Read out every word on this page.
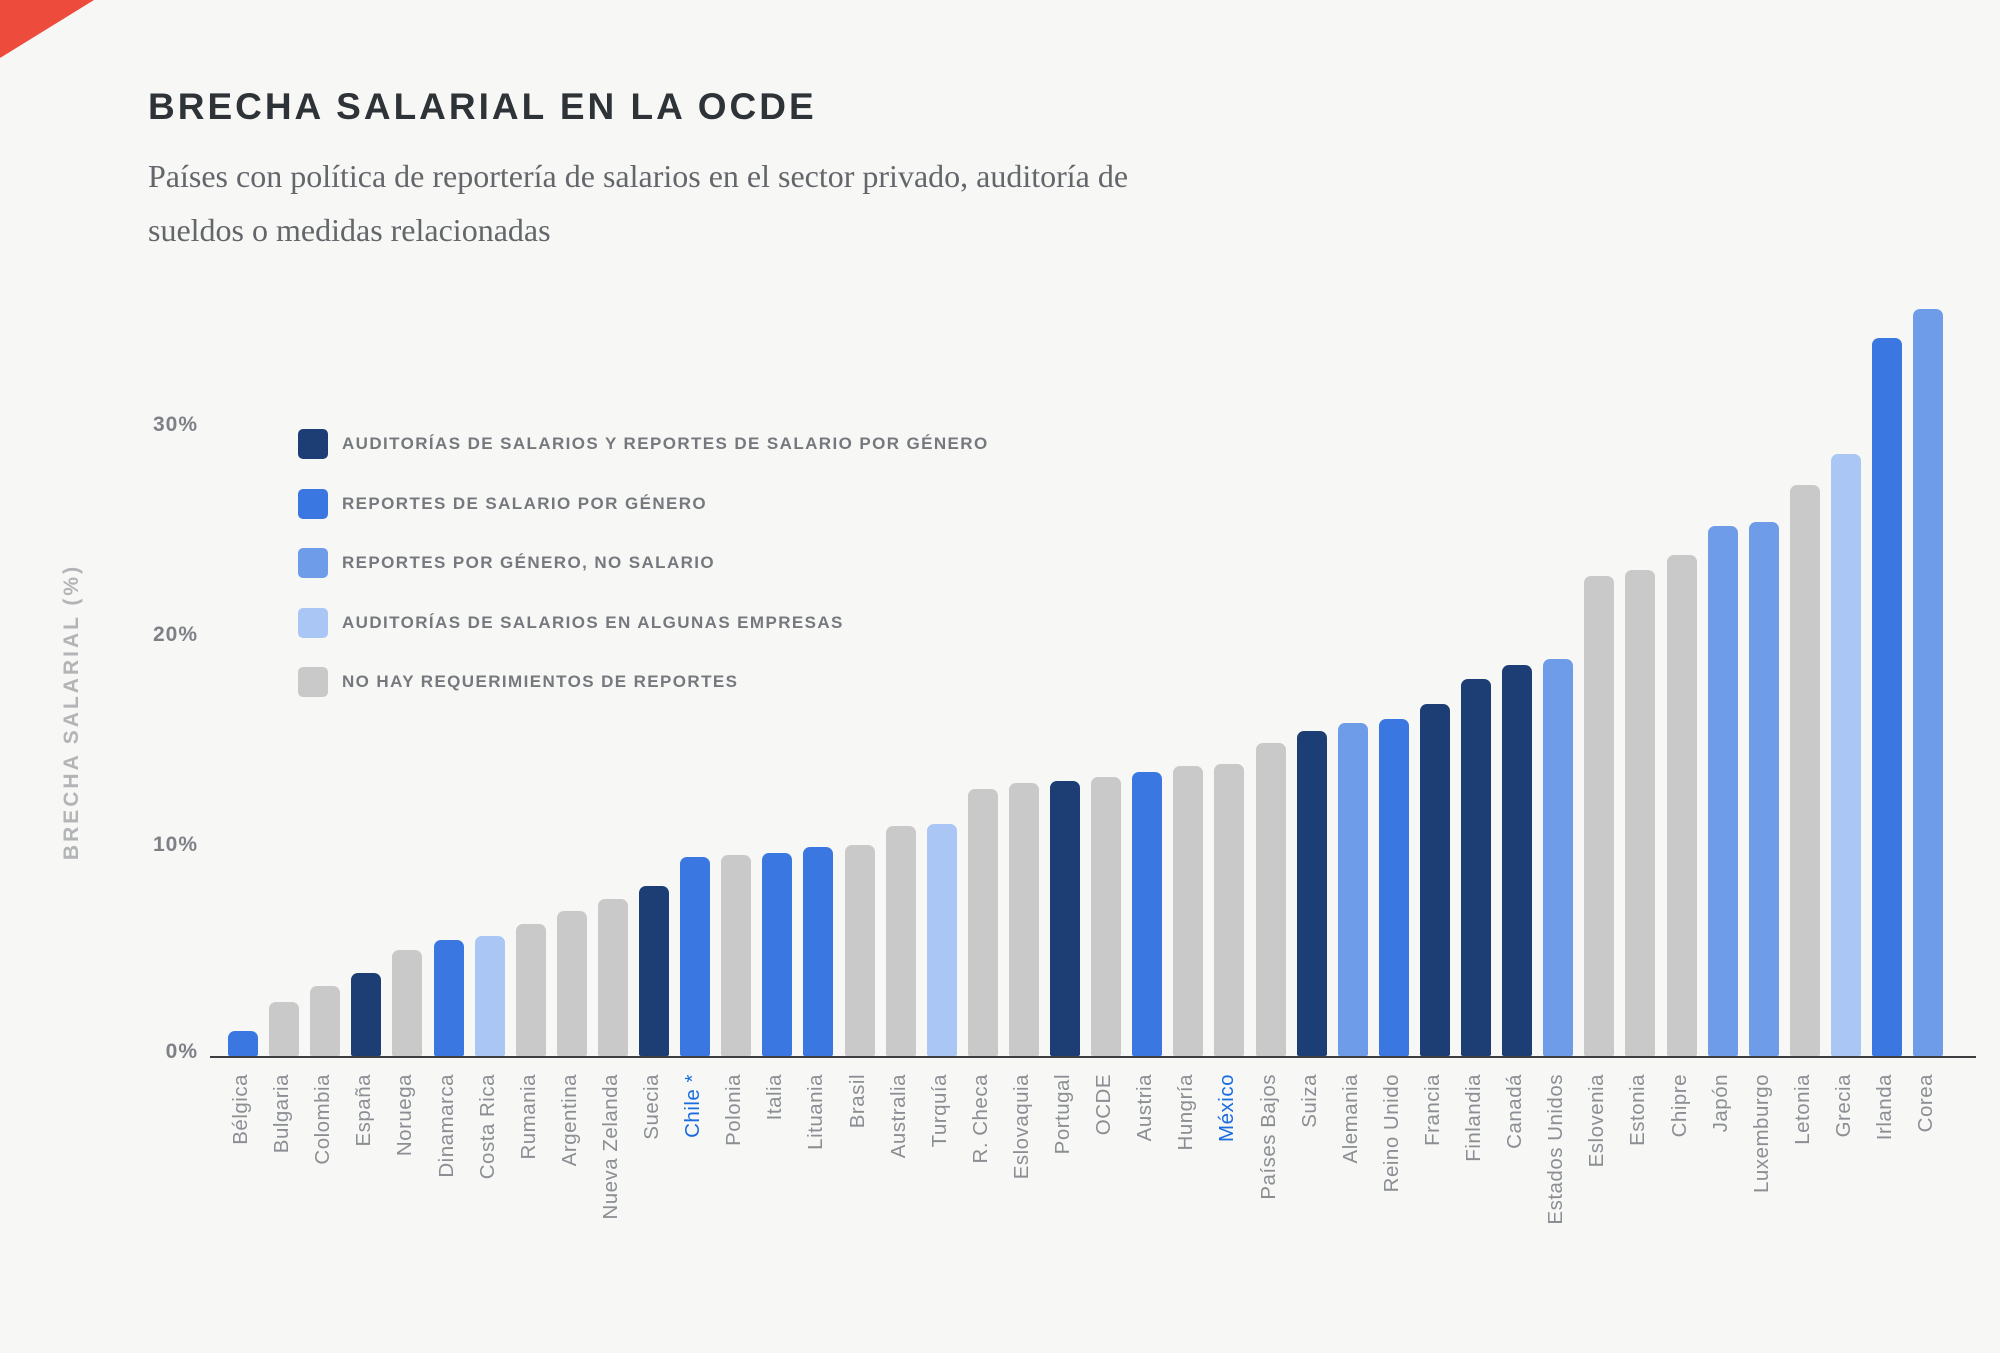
BRECHA SALARIAL EN LA OCDE
Países con política de reportería de salarios en el sector privado, auditoría de
sueldos o medidas relacionadas
BRECHA SALARIAL (%)
30%
20%
10%
0%
AUDITORÍAS DE SALARIOS Y REPORTES DE SALARIO POR GÉNERO
REPORTES DE SALARIO POR GÉNERO
REPORTES POR GÉNERO, NO SALARIO
AUDITORÍAS DE SALARIOS EN ALGUNAS EMPRESAS
NO HAY REQUERIMIENTOS DE REPORTES
Bélgica Bulgaria Colombia España Noruega Dinamarca Costa Rica Rumania Argentina Nueva Zelanda Suecia Chile * Polonia Italia Lituania Brasil Australia Turquía R. Checa Eslovaquia Portugal OCDE Austria Hungría México Países Bajos Suiza Alemania Reino Unido Francia Finlandia Canadá Estados Unidos Eslovenia Estonia Chipre Japón Luxemburgo Letonia Grecia Irlanda Corea
